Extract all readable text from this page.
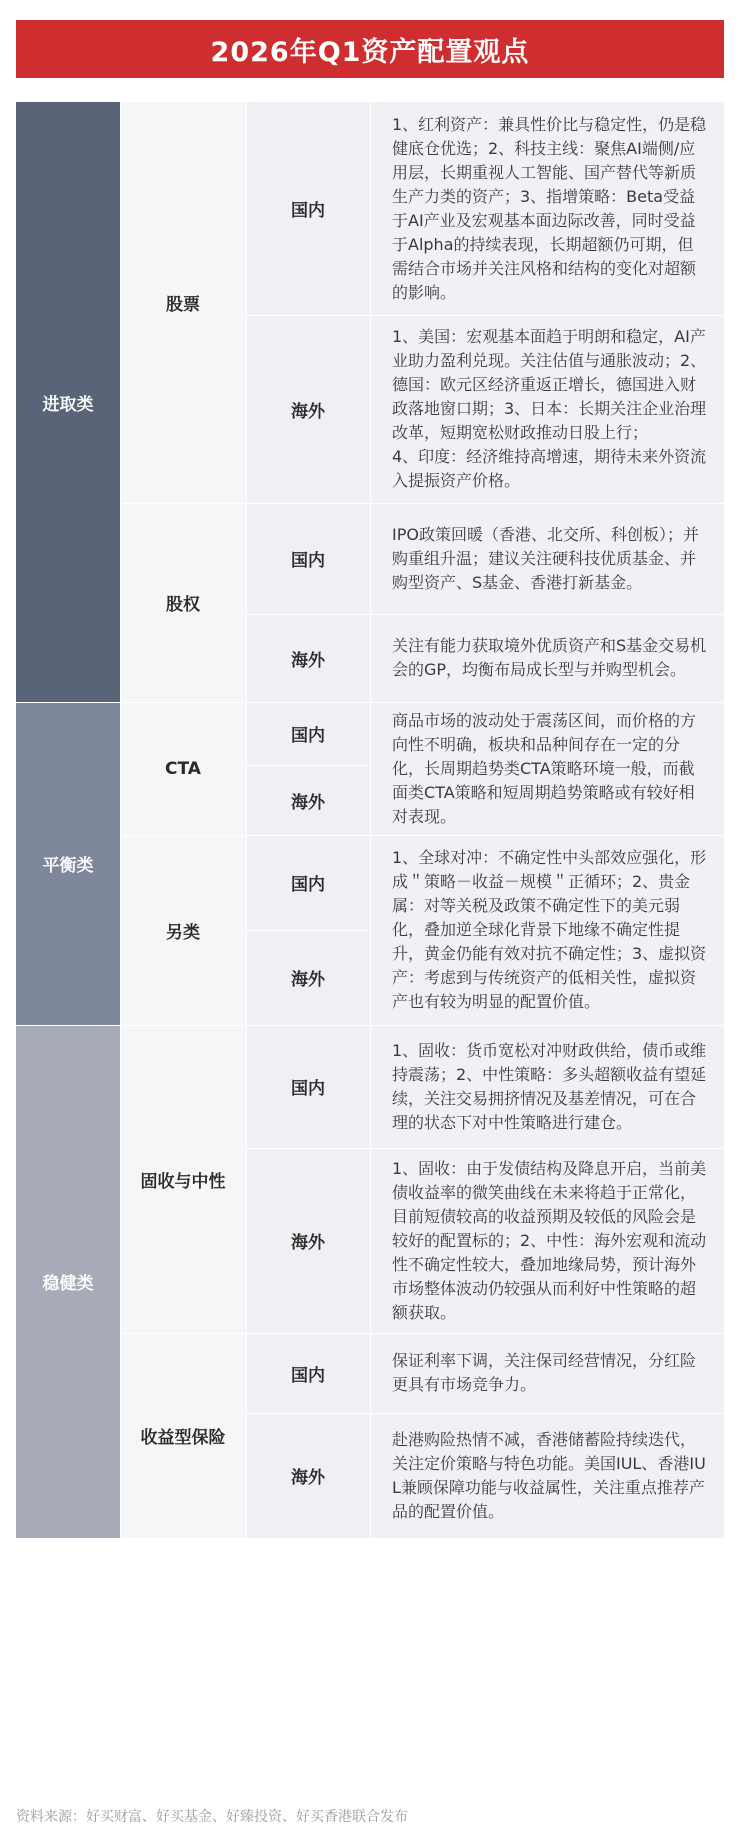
2026年Q1资产配置观点
进取类
平衡类
稳健类
股票
股权
CTA
另类
固收与中性
收益型保险
国内
海外
国内
海外
国内
海外
国内
海外
国内
海外
国内
海外
1、红利资产：兼具性价比与稳定性，仍是稳健底仓优选；2、科技主线：聚焦AI端侧/应用层，长期重视人工智能、国产替代等新质生产力类的资产；3、指增策略：Beta受益于AI产业及宏观基本面边际改善，同时受益于Alpha的持续表现，长期超额仍可期，但需结合市场并关注风格和结构的变化对超额的影响。
1、美国：宏观基本面趋于明朗和稳定，AI产业助力盈利兑现。关注估值与通胀波动；2、德国：欧元区经济重返正增长，德国进入财政落地窗口期；3、日本：长期关注企业治理改革，短期宽松财政推动日股上行；
4、印度：经济维持高增速，期待未来外资流入提振资产价格。
IPO政策回暖（香港、北交所、科创板）；并购重组升温；建议关注硬科技优质基金、并购型资产、S基金、香港打新基金。
关注有能力获取境外优质资产和S基金交易机会的GP，均衡布局成长型与并购型机会。
商品市场的波动处于震荡区间，而价格的方向性不明确，板块和品种间存在一定的分化，长周期趋势类CTA策略环境一般，而截面类CTA策略和短周期趋势策略或有较好相对表现。
1、全球对冲：不确定性中头部效应强化，形成＂策略－收益－规模＂正循环；2、贵金属：对等关税及政策不确定性下的美元弱化，叠加逆全球化背景下地缘不确定性提升，黄金仍能有效对抗不确定性；3、虚拟资产：考虑到与传统资产的低相关性，虚拟资产也有较为明显的配置价值。
1、固收：货币宽松对冲财政供给，债币或维持震荡；2、中性策略：多头超额收益有望延续，关注交易拥挤情况及基差情况，可在合理的状态下对中性策略进行建仓。
1、固收：由于发债结构及降息开启，当前美债收益率的微笑曲线在未来将趋于正常化，目前短债较高的收益预期及较低的风险会是较好的配置标的；2、中性：海外宏观和流动性不确定性较大，叠加地缘局势，预计海外市场整体波动仍较强从而利好中性策略的超额获取。
保证利率下调，关注保司经营情况，分红险更具有市场竞争力。
赴港购险热情不减，香港储蓄险持续迭代，关注定价策略与特色功能。美国IUL、香港IUL兼顾保障功能与收益属性，关注重点推荐产品的配置价值。
资料来源：好买财富、好买基金、好臻投资、好买香港联合发布
